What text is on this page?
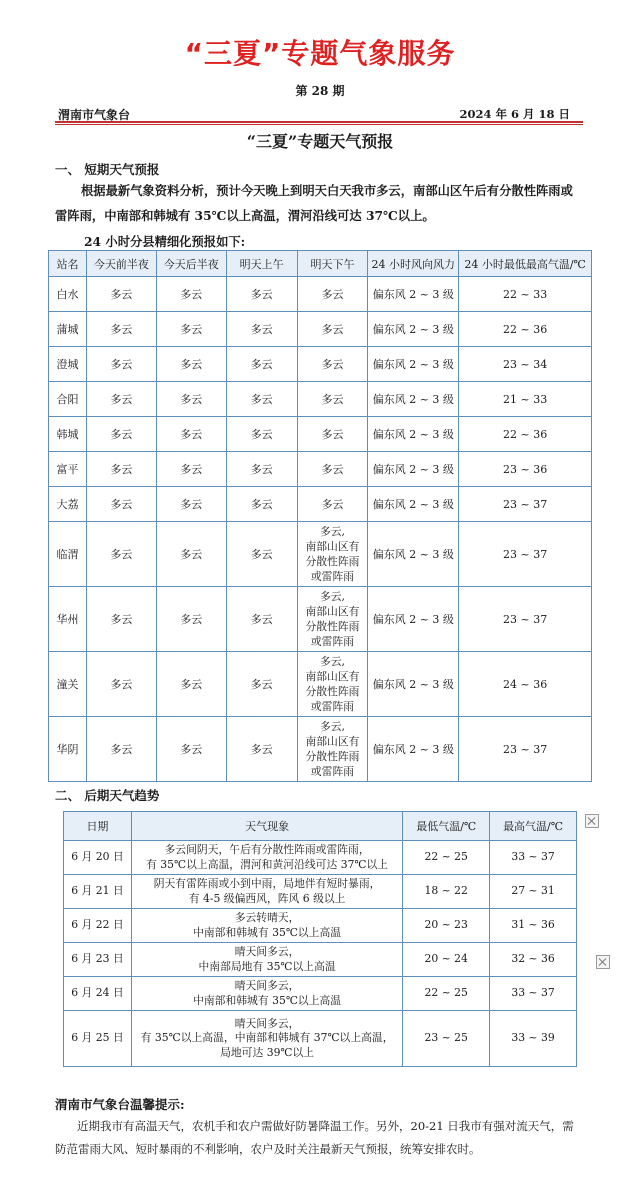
“三夏”专题气象服务
第 28 期
渭南市气象台	2024 年 6 月 18 日
“三夏”专题天气预报
一、 短期天气预报
根据最新气象资料分析，预计今天晚上到明天白天我市多云，南部山区午后有分散性阵雨或雷阵雨，中南部和韩城有 35℃以上高温，渭河沿线可达 37℃以上。
24 小时分县精细化预报如下:
站名	今天前半夜	今天后半夜	明天上午	明天下午	24 小时风向风力	24 小时最低最高气温/℃
白水	多云	多云	多云	多云	偏东风 2 ~ 3 级	22 ~ 33
蒲城	多云	多云	多云	多云	偏东风 2 ~ 3 级	22 ~ 36
澄城	多云	多云	多云	多云	偏东风 2 ~ 3 级	23 ~ 34
合阳	多云	多云	多云	多云	偏东风 2 ~ 3 级	21 ~ 33
韩城	多云	多云	多云	多云	偏东风 2 ~ 3 级	22 ~ 36
富平	多云	多云	多云	多云	偏东风 2 ~ 3 级	23 ~ 36
大荔	多云	多云	多云	多云	偏东风 2 ~ 3 级	23 ~ 37
临渭	多云	多云	多云	多云,
南部山区有
分散性阵雨
或雷阵雨	偏东风 2 ~ 3 级	23 ~ 37
华州	多云	多云	多云	多云,
南部山区有
分散性阵雨
或雷阵雨	偏东风 2 ~ 3 级	23 ~ 37
潼关	多云	多云	多云	多云,
南部山区有
分散性阵雨
或雷阵雨	偏东风 2 ~ 3 级	24 ~ 36
华阴	多云	多云	多云	多云,
南部山区有
分散性阵雨
或雷阵雨	偏东风 2 ~ 3 级	23 ~ 37
二、 后期天气趋势
日期	天气现象	最低气温/℃	最高气温/℃
6 月 20 日	多云间阴天，午后有分散性阵雨或雷阵雨，
有 35℃以上高温，渭河和黄河沿线可达 37℃以上	22 ~ 25	33 ~ 37
6 月 21 日	阴天有雷阵雨或小到中雨，局地伴有短时暴雨，
有 4-5 级偏西风，阵风 6 级以上	18 ~ 22	27 ~ 31
6 月 22 日	多云转晴天，
中南部和韩城有 35℃以上高温	20 ~ 23	31 ~ 36
6 月 23 日	晴天间多云，
中南部局地有 35℃以上高温	20 ~ 24	32 ~ 36
6 月 24 日	晴天间多云，
中南部和韩城有 35℃以上高温	22 ~ 25	33 ~ 37
6 月 25 日	晴天间多云，
有 35℃以上高温，中南部和韩城有 37℃以上高温，
局地可达 39℃以上	23 ~ 25	33 ~ 39
渭南市气象台温馨提示:
近期我市有高温天气，农机手和农户需做好防暑降温工作。另外，20-21 日我市有强对流天气，需防范雷雨大风、短时暴雨的不利影响，农户及时关注最新天气预报，统筹安排农时。
